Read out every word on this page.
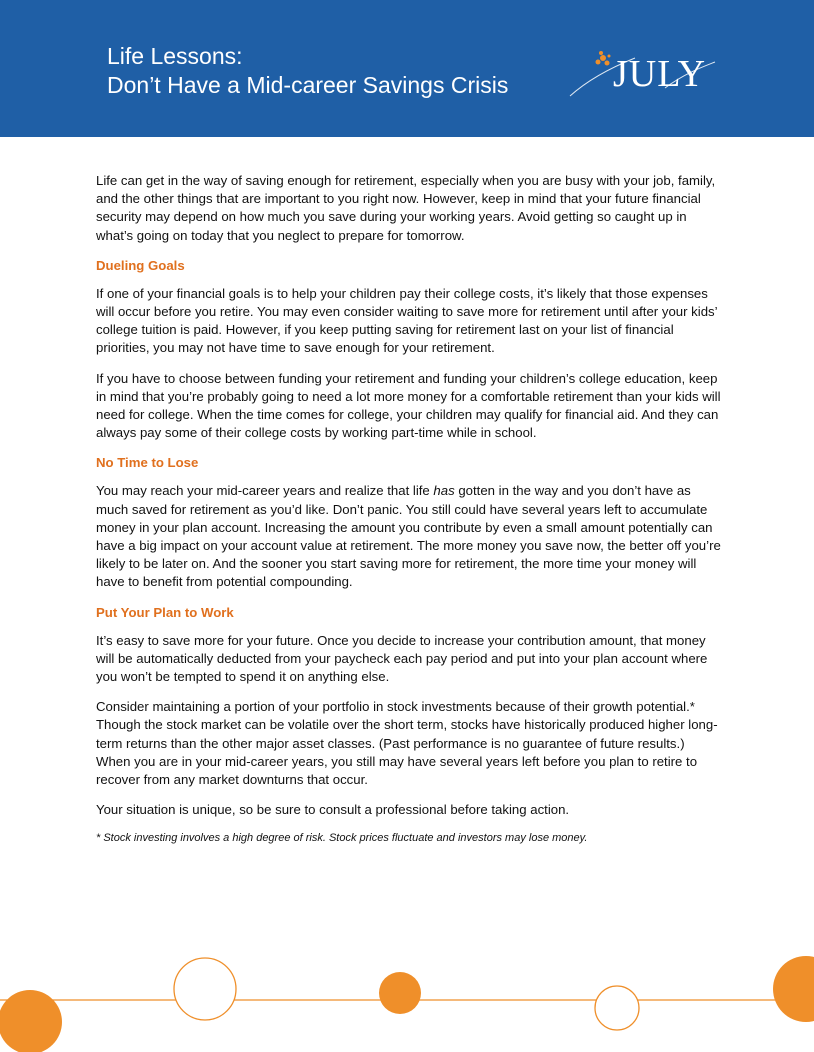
Life Lessons:
Don’t Have a Mid-career Savings Crisis	JULY

Life can get in the way of saving enough for retirement, especially when you are busy with your job, family, and the other things that are important to you right now. However, keep in mind that your future financial security may depend on how much you save during your working years. Avoid getting so caught up in what’s going on today that you neglect to prepare for tomorrow.

Dueling Goals

If one of your financial goals is to help your children pay their college costs, it’s likely that those expenses will occur before you retire. You may even consider waiting to save more for retirement until after your kids’ college tuition is paid. However, if you keep putting saving for retirement last on your list of financial priorities, you may not have time to save enough for your retirement.

If you have to choose between funding your retirement and funding your children’s college education, keep in mind that you’re probably going to need a lot more money for a comfortable retirement than your kids will need for college. When the time comes for college, your children may qualify for financial aid. And they can always pay some of their college costs by working part-time while in school.

No Time to Lose

You may reach your mid-career years and realize that life has gotten in the way and you don’t have as much saved for retirement as you’d like. Don’t panic. You still could have several years left to accumulate money in your plan account. Increasing the amount you contribute by even a small amount potentially can have a big impact on your account value at retirement. The more money you save now, the better off you’re likely to be later on. And the sooner you start saving more for retirement, the more time your money will have to benefit from potential compounding.

Put Your Plan to Work

It’s easy to save more for your future. Once you decide to increase your contribution amount, that money will be automatically deducted from your paycheck each pay period and put into your plan account where you won’t be tempted to spend it on anything else.

Consider maintaining a portion of your portfolio in stock investments because of their growth potential.* Though the stock market can be volatile over the short term, stocks have historically produced higher long-term returns than the other major asset classes. (Past performance is no guarantee of future results.) When you are in your mid-career years, you still may have several years left before you plan to retire to recover from any market downturns that occur.

Your situation is unique, so be sure to consult a professional before taking action.

* Stock investing involves a high degree of risk. Stock prices fluctuate and investors may lose money.
